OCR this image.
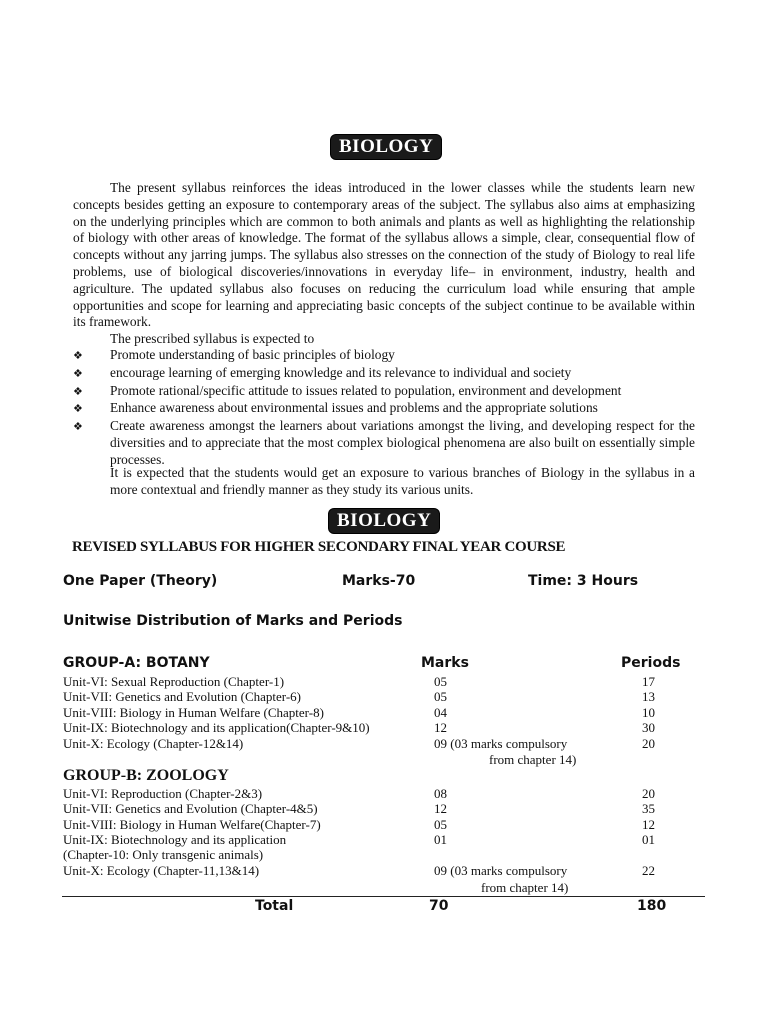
BIOLOGY

The present syllabus reinforces the ideas introduced in the lower classes while the students learn new concepts besides getting an exposure to contemporary areas of the subject. The syllabus also aims at emphasizing on the underlying principles which are common to both animals and plants as well as highlighting the relationship of biology with other areas of knowledge. The format of the syllabus allows a simple, clear, consequential flow of concepts without any jarring jumps. The syllabus also stresses on the connection of the study of Biology to real life problems, use of biological discoveries/innovations in everyday life– in environment, industry, health and agriculture. The updated syllabus also focuses on reducing the curriculum load while ensuring that ample opportunities and scope for learning and appreciating basic concepts of the subject continue to be available within its framework.

The prescribed syllabus is expected to

❖	Promote understanding of basic principles of biology
❖	encourage learning of emerging knowledge and its relevance to individual and society
❖	Promote rational/specific attitude to issues related to population, environment and development
❖	Enhance awareness about environmental issues and problems and the appropriate solutions
❖	Create awareness amongst the learners about variations amongst the living, and developing respect for the diversities and to appreciate that the most complex biological phenomena are also built on essentially simple processes.
It is expected that the students would get an exposure to various branches of Biology in the syllabus in a more contextual and friendly manner as they study its various units.
BIOLOGY
REVISED SYLLABUS FOR HIGHER SECONDARY FINAL YEAR COURSE
One Paper (Theory)	Marks-70	Time: 3 Hours
Unitwise Distribution of Marks and Periods
GROUP-A: BOTANY	Marks	Periods
Unit-VI: Sexual Reproduction (Chapter-1)	05	17
Unit-VII: Genetics and Evolution (Chapter-6)	05	13
Unit-VIII: Biology in Human Welfare (Chapter-8)	04	10
Unit-IX: Biotechnology and its application(Chapter-9&10)	12	30
Unit-X: Ecology (Chapter-12&14)	09 (03 marks compulsory	20
from chapter 14)
GROUP-B: ZOOLOGY
Unit-VI: Reproduction (Chapter-2&3)	08	20
Unit-VII: Genetics and Evolution (Chapter-4&5)	12	35
Unit-VIII: Biology in Human Welfare(Chapter-7)	05	12
Unit-IX: Biotechnology and its application	01	01
(Chapter-10: Only transgenic animals)
Unit-X: Ecology (Chapter-11,13&14)	09 (03 marks compulsory	22
from chapter 14)
Total	70	180
